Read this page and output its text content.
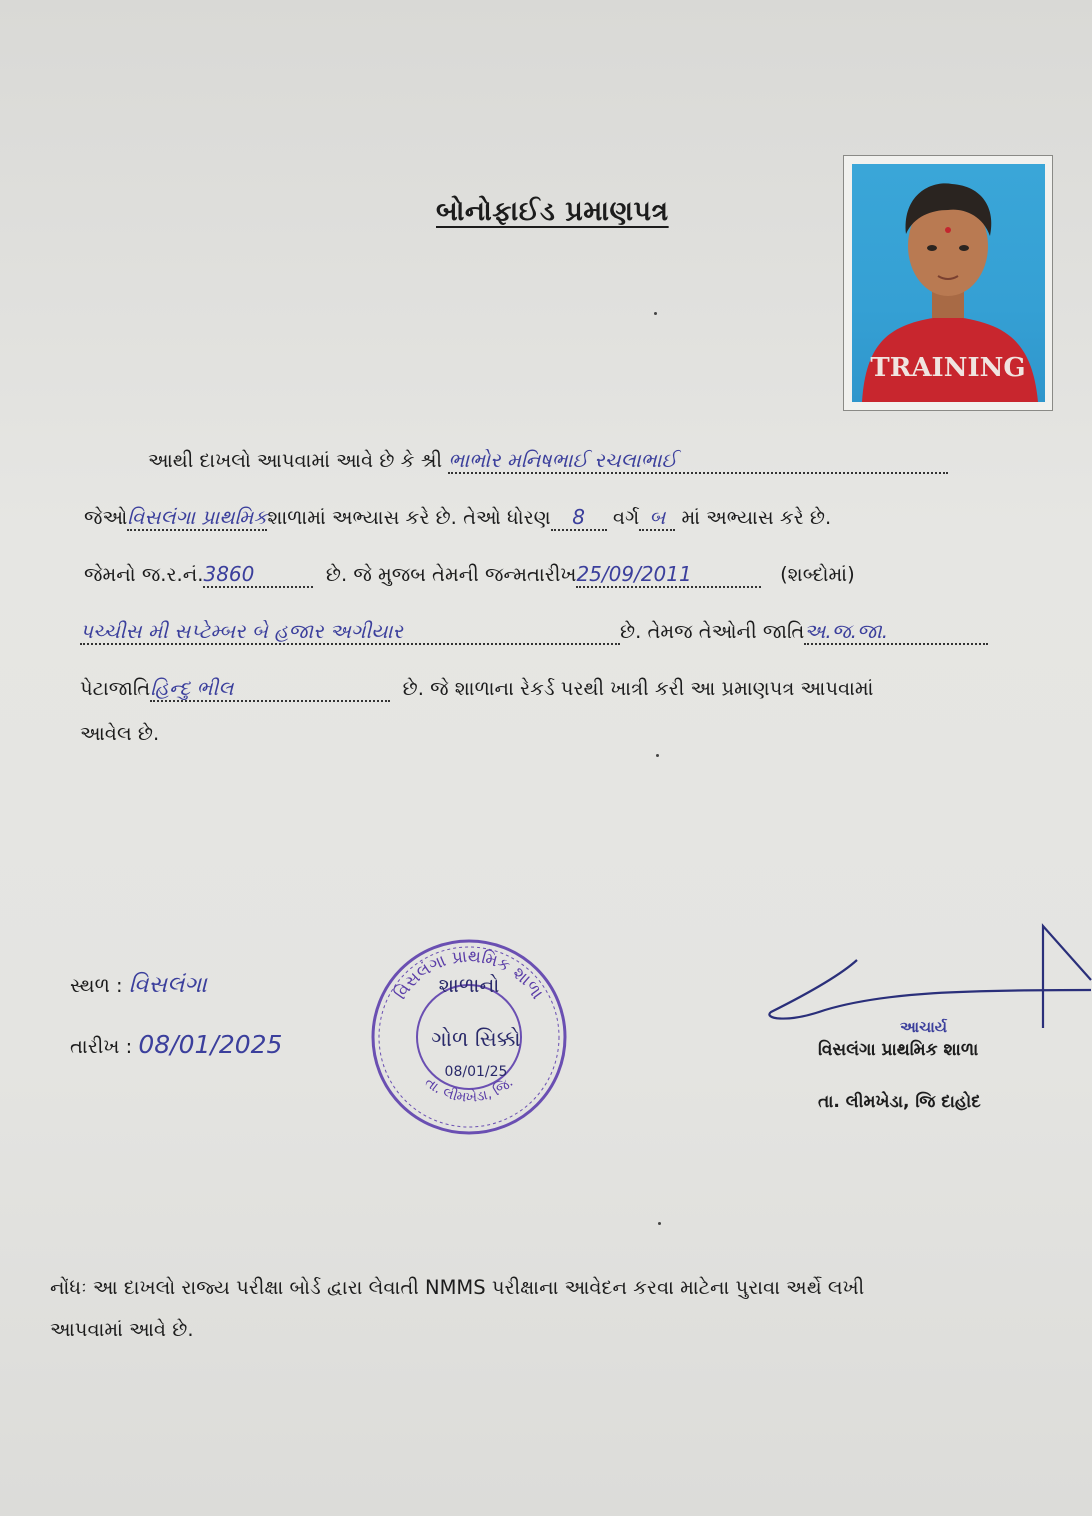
બોનોફાઈડ પ્રમાણપત્ર
TRAINING
આથી દાખલો આપવામાં આવે છે કે શ્રી ભાભોર મનિષભાઈ રચલાભાઈ
જેઓવિસલંગા પ્રાથમિકશાળામાં અભ્યાસ કરે છે. તેઓ ધોરણ 8 વર્ગ બ માં અભ્યાસ કરે છે.
જેમનો જ.ર.નં.3860	છે. જે મુજબ તેમની જન્મતારીખ25/09/2011	(શબ્દોમાં)
પચ્ચીસ મી સપ્ટેમ્બર બે હજાર અગીયાર	છે. તેમજ તેઓની જાતિઅ.જ.જા.
પેટાજાતિહિન્દુ ભીલ	છે. જે શાળાના રેકર્ડ પરથી ખાત્રી કરી આ પ્રમાણપત્ર આપવામાં
આવેલ છે.
સ્થળ : વિસલંગા
તારીખ : 08/01/2025
વિસલંગા પ્રાથમિક શાળા
તા. લીમખેડા, જિ.
શાળાનો
ગોળ સિક્કો
08/01/25
આચાર્ય
વિસલંગા પ્રાથમિક શાળા
તા. લીમખેડા, જિ દાહોદ
નોંધઃ આ દાખલો રાજ્ય પરીક્ષા બોર્ડ દ્વારા લેવાતી NMMS પરીક્ષાના આવેદન કરવા માટેના પુરાવા અર્થે લખી
આપવામાં આવે છે.
